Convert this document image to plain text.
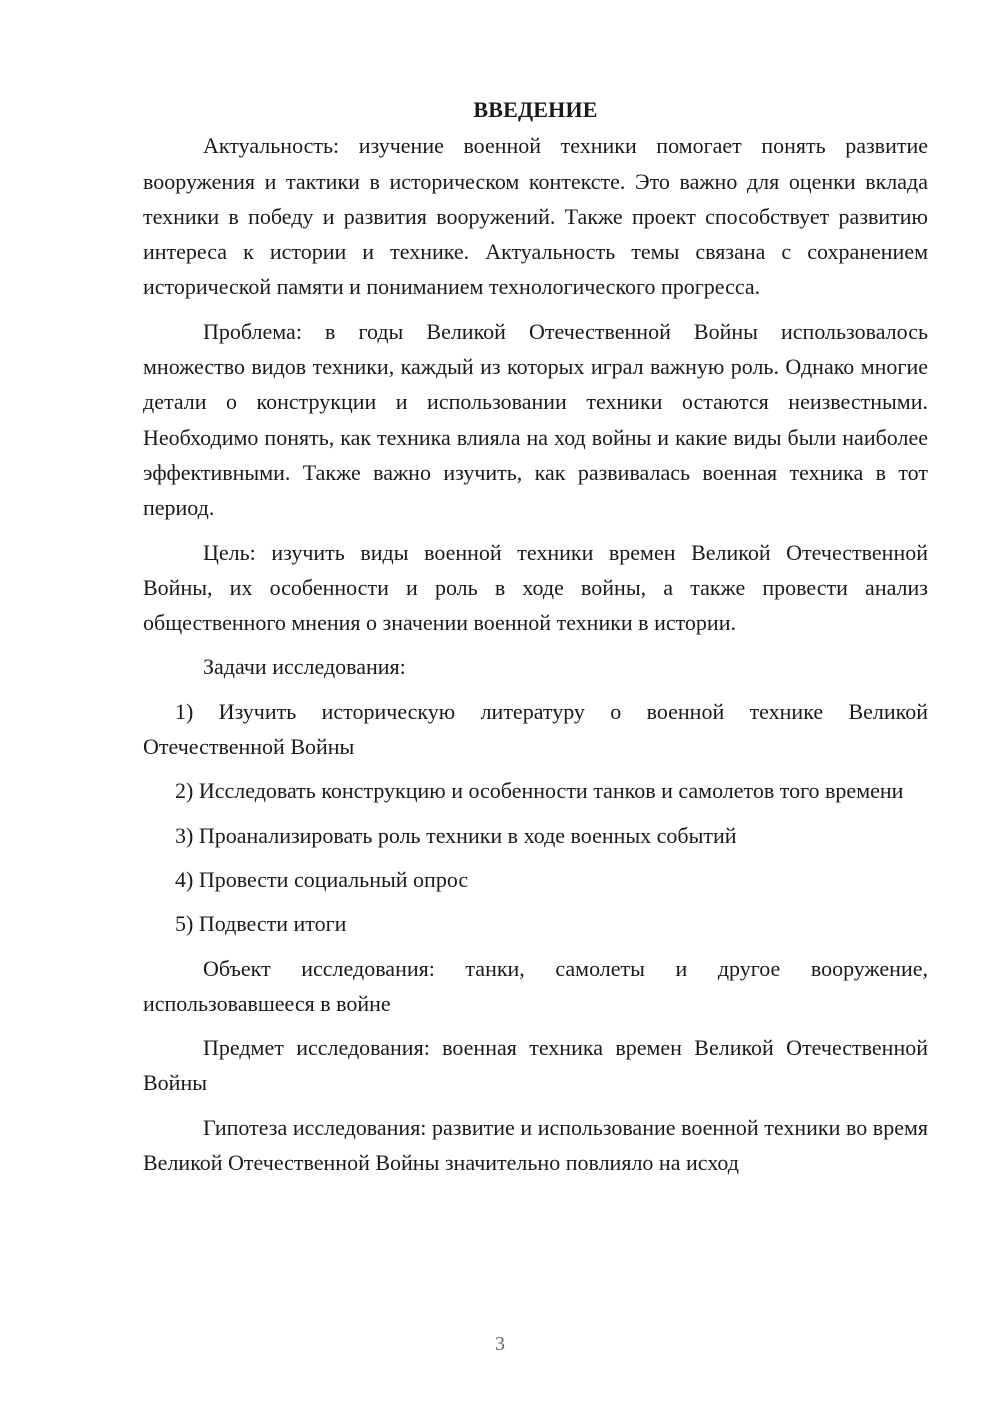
ВВЕДЕНИЕ

Актуальность: изучение военной техники помогает понять развитие вооружения и тактики в историческом контексте. Это важно для оценки вклада техники в победу и развития вооружений. Также проект способствует развитию интереса к истории и технике. Актуальность темы связана с сохранением исторической памяти и пониманием технологического прогресса.

Проблема: в годы Великой Отечественной Войны использовалось множество видов техники, каждый из которых играл важную роль. Однако многие детали о конструкции и использовании техники остаются неизвестными. Необходимо понять, как техника влияла на ход войны и какие виды были наиболее эффективными. Также важно изучить, как развивалась военная техника в тот период.

Цель: изучить виды военной техники времен Великой Отечественной Войны, их особенности и роль в ходе войны, а также провести анализ общественного мнения о значении военной техники в истории.

Задачи исследования:

1) Изучить историческую литературу о военной технике Великой Отечественной Войны

2) Исследовать конструкцию и особенности танков и самолетов того времени

3) Проанализировать роль техники в ходе военных событий

4) Провести социальный опрос

5) Подвести итоги

Объект исследования: танки, самолеты и другое вооружение, использовавшееся в войне

Предмет исследования: военная техника времен Великой Отечественной Войны

Гипотеза исследования: развитие и использование военной техники во время Великой Отечественной Войны значительно повлияло на исход

3
